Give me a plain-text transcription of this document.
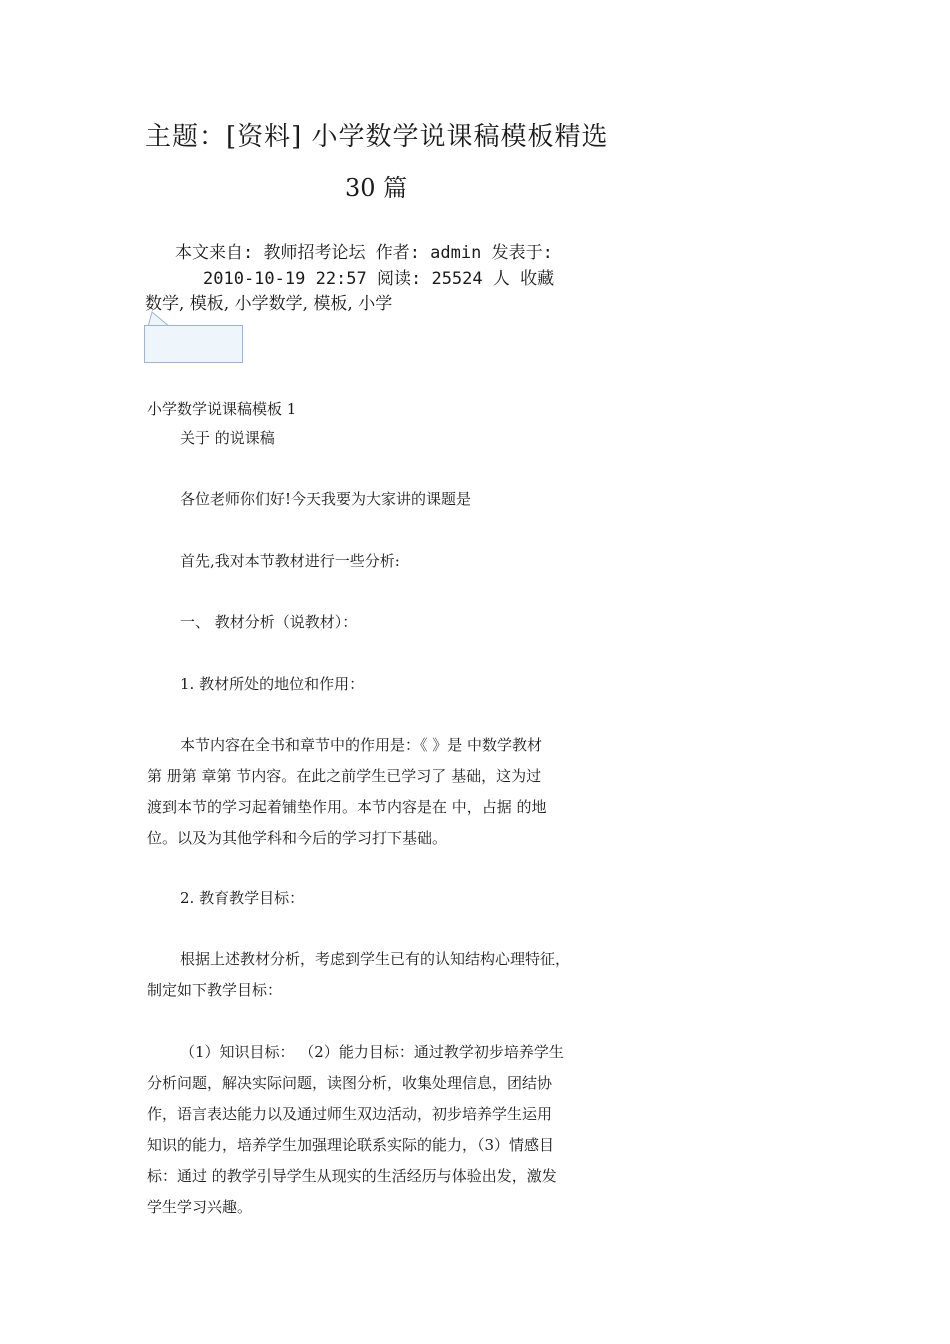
主题：[资料] 小学数学说课稿模板精选
30 篇
本文来自: 教师招考论坛 作者: admin 发表于:
2010-10-19 22:57 阅读: 25524 人 收藏
数学, 模板, 小学数学, 模板, 小学
小学数学说课稿模板 1
关于 的说课稿
各位老师你们好!今天我要为大家讲的课题是
首先,我对本节教材进行一些分析:
一、 教材分析（说教材）：
1. 教材所处的地位和作用：
本节内容在全书和章节中的作用是：《 》是 中数学教材
第 册第 章第 节内容。在此之前学生已学习了 基础，这为过
渡到本节的学习起着铺垫作用。本节内容是在 中，占据 的地
位。以及为其他学科和今后的学习打下基础。
2. 教育教学目标：
根据上述教材分析，考虑到学生已有的认知结构心理特征，
制定如下教学目标：
（1）知识目标： （2）能力目标：通过教学初步培养学生
分析问题，解决实际问题，读图分析，收集处理信息，团结协
作，语言表达能力以及通过师生双边活动，初步培养学生运用
知识的能力，培养学生加强理论联系实际的能力，（3）情感目
标：通过 的教学引导学生从现实的生活经历与体验出发，激发
学生学习兴趣。
